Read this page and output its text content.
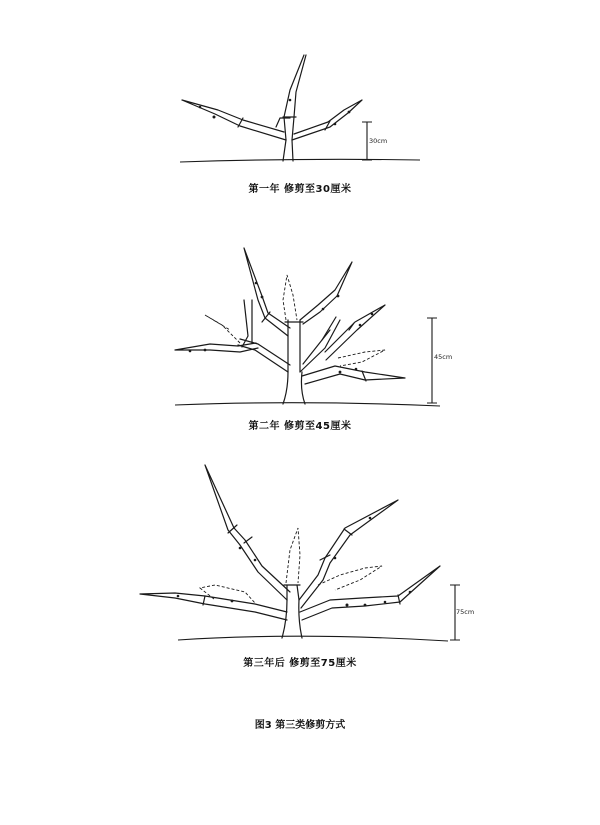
30cm
第一年 修剪至30厘米
45cm
第二年 修剪至45厘米
75cm
第三年后 修剪至75厘米
图3 第三类修剪方式
